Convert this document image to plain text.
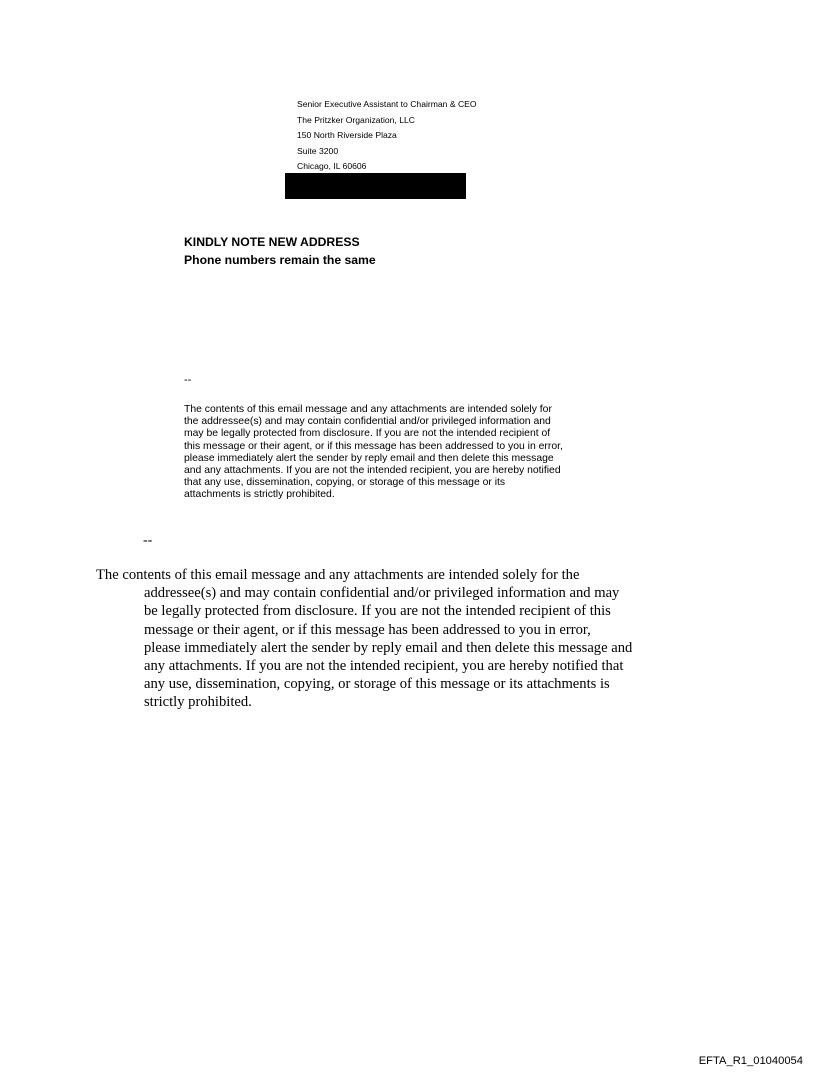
Senior Executive Assistant to Chairman & CEO
The Pritzker Organization, LLC
150 North Riverside Plaza
Suite 3200
Chicago, IL 60606
KINDLY NOTE NEW ADDRESS
Phone numbers remain the same
--
The contents of this email message and any attachments are intended solely for
the addressee(s) and may contain confidential and/or privileged information and
may be legally protected from disclosure. If you are not the intended recipient of
this message or their agent, or if this message has been addressed to you in error,
please immediately alert the sender by reply email and then delete this message
and any attachments. If you are not the intended recipient, you are hereby notified
that any use, dissemination, copying, or storage of this message or its
attachments is strictly prohibited.
--
The contents of this email message and any attachments are intended solely for the
addressee(s) and may contain confidential and/or privileged information and may
be legally protected from disclosure. If you are not the intended recipient of this
message or their agent, or if this message has been addressed to you in error,
please immediately alert the sender by reply email and then delete this message and
any attachments. If you are not the intended recipient, you are hereby notified that
any use, dissemination, copying, or storage of this message or its attachments is
strictly prohibited.
EFTA_R1_01040054
